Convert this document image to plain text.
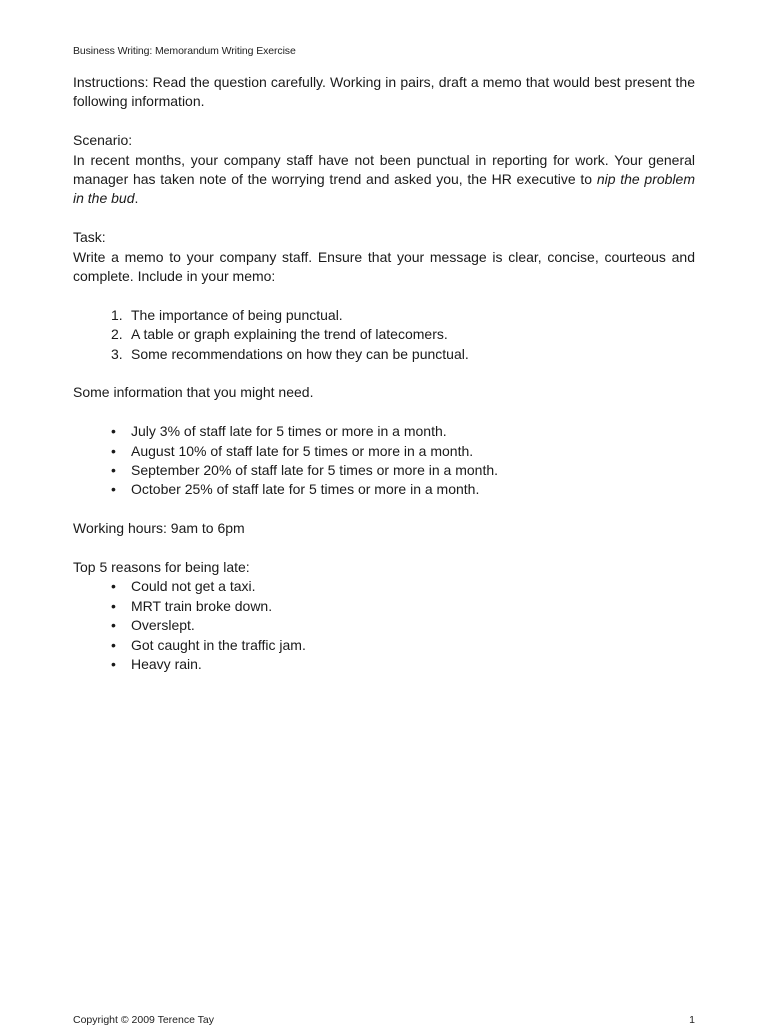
Business Writing: Memorandum Writing Exercise

Instructions: Read the question carefully. Working in pairs, draft a memo that would best present the following information.

Scenario:

In recent months, your company staff have not been punctual in reporting for work. Your general manager has taken note of the worrying trend and asked you, the HR executive to nip the problem in the bud.

Task:

Write a memo to your company staff. Ensure that your message is clear, concise, courteous and complete. Include in your memo:

1. The importance of being punctual.
2. A table or graph explaining the trend of latecomers.
3. Some recommendations on how they can be punctual.

Some information that you might need.

• July 3% of staff late for 5 times or more in a month.
• August 10% of staff late for 5 times or more in a month.
• September 20% of staff late for 5 times or more in a month.
• October 25% of staff late for 5 times or more in a month.

Working hours: 9am to 6pm

Top 5 reasons for being late:

• Could not get a taxi.
• MRT train broke down.
• Overslept.
• Got caught in the traffic jam.
• Heavy rain.
Copyright © 2009 Terence Tay	1
